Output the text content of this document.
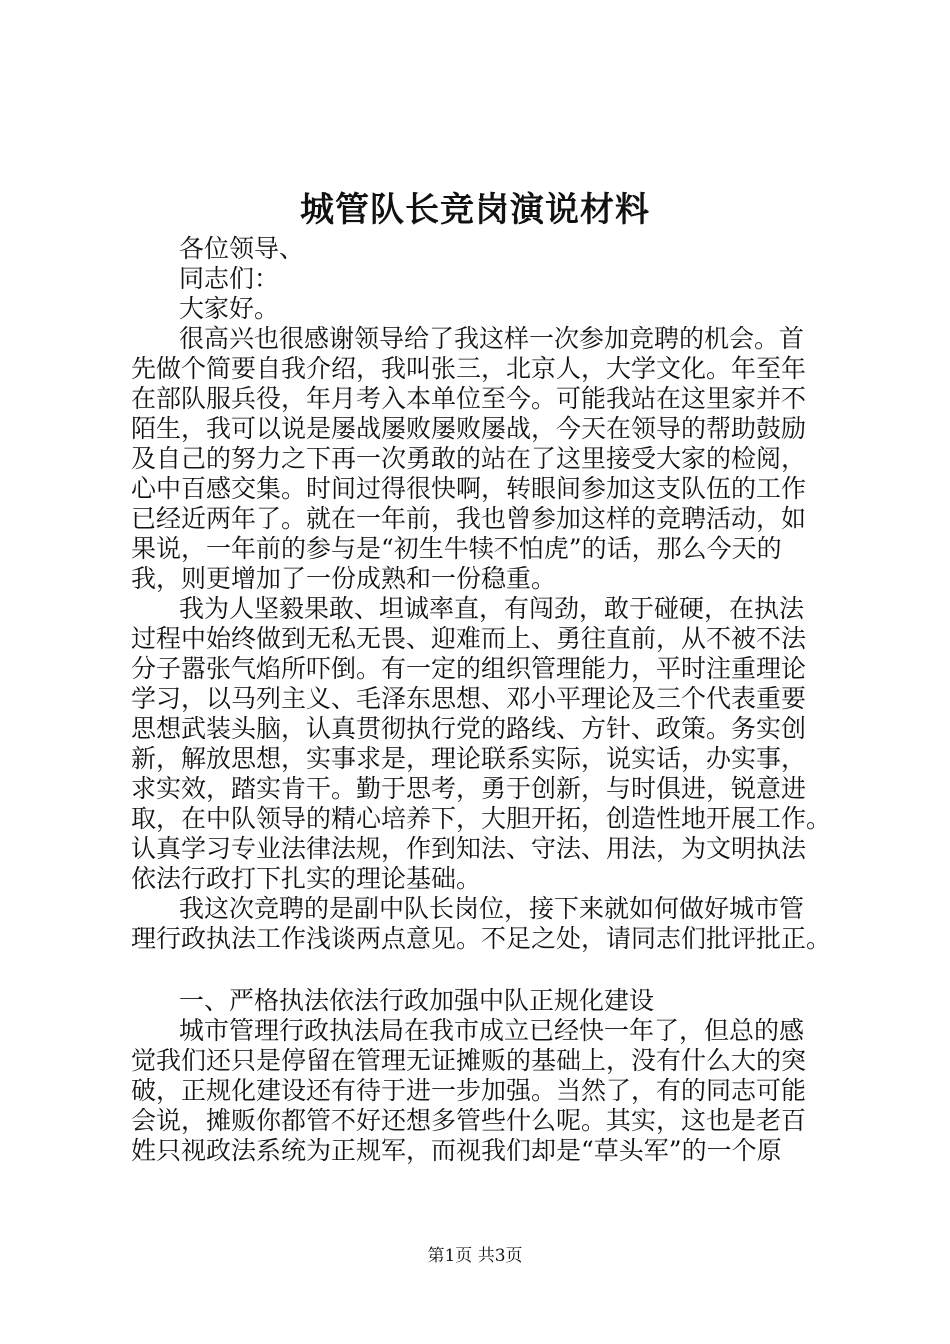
城管队长竞岗演说材料
各位领导、
同志们：
大家好。
很高兴也很感谢领导给了我这样一次参加竞聘的机会。首
先做个简要自我介绍，我叫张三，北京人，大学文化。年至年
在部队服兵役，年月考入本单位至今。可能我站在这里家并不
陌生，我可以说是屡战屡败屡败屡战，今天在领导的帮助鼓励
及自己的努力之下再一次勇敢的站在了这里接受大家的检阅，
心中百感交集。时间过得很快啊，转眼间参加这支队伍的工作
已经近两年了。就在一年前，我也曾参加这样的竞聘活动，如
果说，一年前的参与是“初生牛犊不怕虎”的话，那么今天的
我，则更增加了一份成熟和一份稳重。
我为人坚毅果敢、坦诚率直，有闯劲，敢于碰硬，在执法
过程中始终做到无私无畏、迎难而上、勇往直前，从不被不法
分子嚣张气焰所吓倒。有一定的组织管理能力，平时注重理论
学习，以马列主义、毛泽东思想、邓小平理论及三个代表重要
思想武装头脑，认真贯彻执行党的路线、方针、政策。务实创
新，解放思想，实事求是，理论联系实际，说实话，办实事，
求实效，踏实肯干。勤于思考，勇于创新，与时俱进，锐意进
取，在中队领导的精心培养下，大胆开拓，创造性地开展工作。
认真学习专业法律法规，作到知法、守法、用法，为文明执法
依法行政打下扎实的理论基础。
我这次竞聘的是副中队长岗位，接下来就如何做好城市管
理行政执法工作浅谈两点意见。不足之处，请同志们批评批正。
一、严格执法依法行政加强中队正规化建设
城市管理行政执法局在我市成立已经快一年了，但总的感
觉我们还只是停留在管理无证摊贩的基础上，没有什么大的突
破，正规化建设还有待于进一步加强。当然了，有的同志可能
会说，摊贩你都管不好还想多管些什么呢。其实，这也是老百
姓只视政法系统为正规军，而视我们却是“草头军”的一个原
第1页 共3页
